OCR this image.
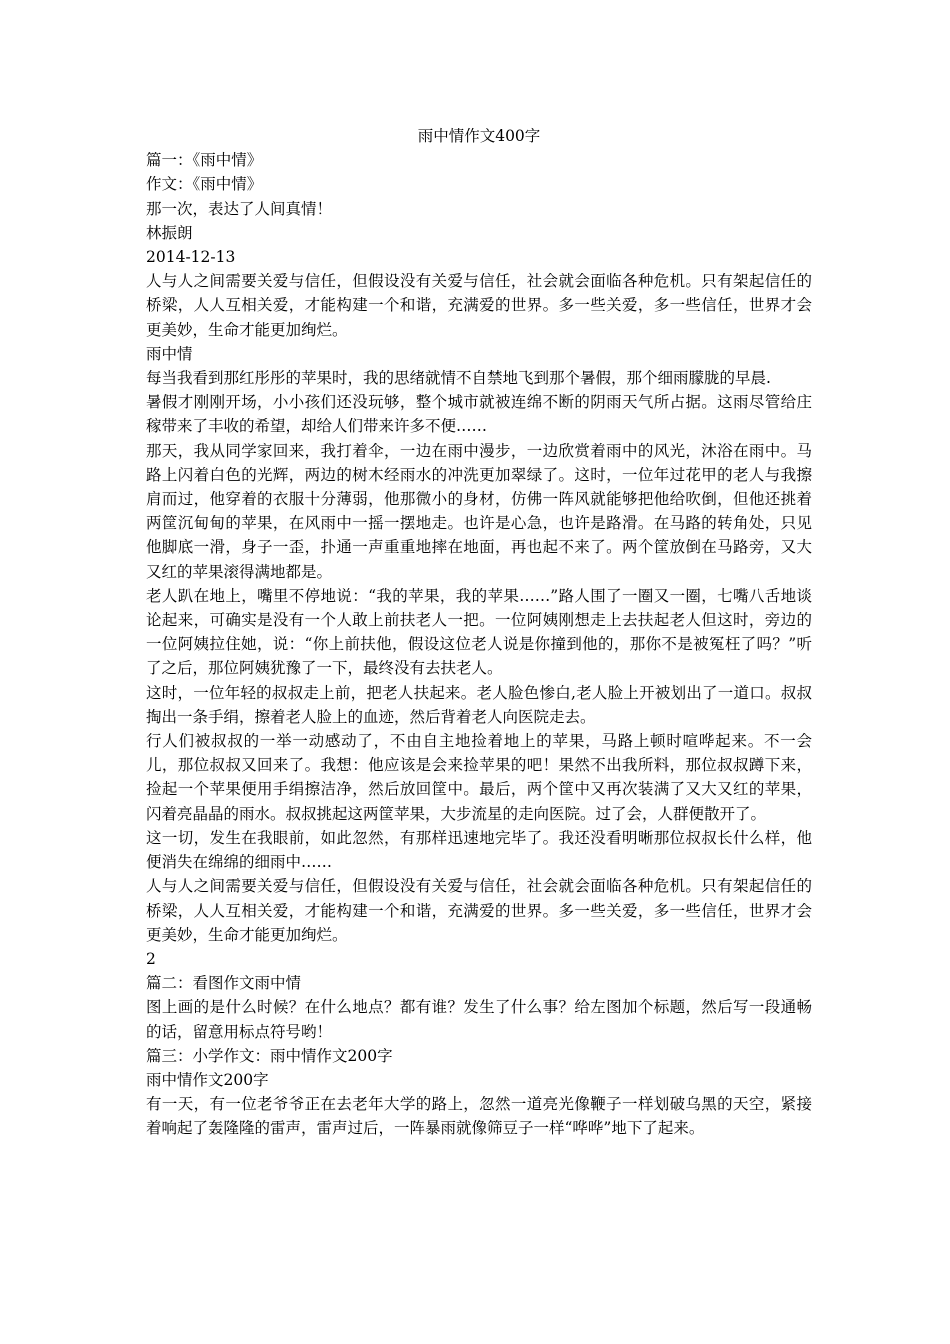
雨中情作文400字

篇一：《雨中情》

作文：《雨中情》

那一次，表达了人间真情！

林振朗

2014-12-13

人与人之间需要关爱与信任，但假设没有关爱与信任，社会就会面临各种危机。只有架起信任的桥梁，人人互相关爱，才能构建一个和谐，充满爱的世界。多一些关爱，多一些信任，世界才会更美妙，生命才能更加绚烂。

雨中情

每当我看到那红彤彤的苹果时，我的思绪就情不自禁地飞到那个暑假，那个细雨朦胧的早晨.

暑假才刚刚开场，小小孩们还没玩够，整个城市就被连绵不断的阴雨天气所占据。这雨尽管给庄稼带来了丰收的希望，却给人们带来许多不便……

那天，我从同学家回来，我打着伞，一边在雨中漫步，一边欣赏着雨中的风光，沐浴在雨中。马路上闪着白色的光辉，两边的树木经雨水的冲洗更加翠绿了。这时，一位年过花甲的老人与我擦肩而过，他穿着的衣服十分薄弱，他那微小的身材，仿佛一阵风就能够把他给吹倒，但他还挑着两筐沉甸甸的苹果，在风雨中一摇一摆地走。也许是心急，也许是路滑。在马路的转角处，只见他脚底一滑，身子一歪，扑通一声重重地摔在地面，再也起不来了。两个筐放倒在马路旁，又大又红的苹果滚得满地都是。

老人趴在地上，嘴里不停地说：“我的苹果，我的苹果……”路人围了一圈又一圈，七嘴八舌地谈论起来，可确实是没有一个人敢上前扶老人一把。一位阿姨刚想走上去扶起老人但这时，旁边的一位阿姨拉住她，说：“你上前扶他，假设这位老人说是你撞到他的，那你不是被冤枉了吗？”听了之后，那位阿姨犹豫了一下，最终没有去扶老人。

这时，一位年轻的叔叔走上前，把老人扶起来。老人脸色惨白,老人脸上开被划出了一道口。叔叔掏出一条手绢，擦着老人脸上的血迹，然后背着老人向医院走去。

行人们被叔叔的一举一动感动了，不由自主地捡着地上的苹果，马路上顿时喧哗起来。不一会儿，那位叔叔又回来了。我想：他应该是会来捡苹果的吧！果然不出我所料，那位叔叔蹲下来，捡起一个苹果便用手绢擦洁净，然后放回筐中。最后，两个筐中又再次装满了又大又红的苹果，闪着亮晶晶的雨水。叔叔挑起这两筐苹果，大步流星的走向医院。过了会，人群便散开了。

这一切，发生在我眼前，如此忽然，有那样迅速地完毕了。我还没看明晰那位叔叔长什么样，他便消失在绵绵的细雨中……

人与人之间需要关爱与信任，但假设没有关爱与信任，社会就会面临各种危机。只有架起信任的桥梁，人人互相关爱，才能构建一个和谐，充满爱的世界。多一些关爱，多一些信任，世界才会更美妙，生命才能更加绚烂。

2

篇二：看图作文雨中情

图上画的是什么时候？在什么地点？都有谁？发生了什么事？给左图加个标题，然后写一段通畅的话，留意用标点符号哟！

篇三：小学作文：雨中情作文200字

雨中情作文200字

有一天，有一位老爷爷正在去老年大学的路上，忽然一道亮光像鞭子一样划破乌黑的天空，紧接着响起了轰隆隆的雷声，雷声过后，一阵暴雨就像筛豆子一样“哗哗”地下了起来。
